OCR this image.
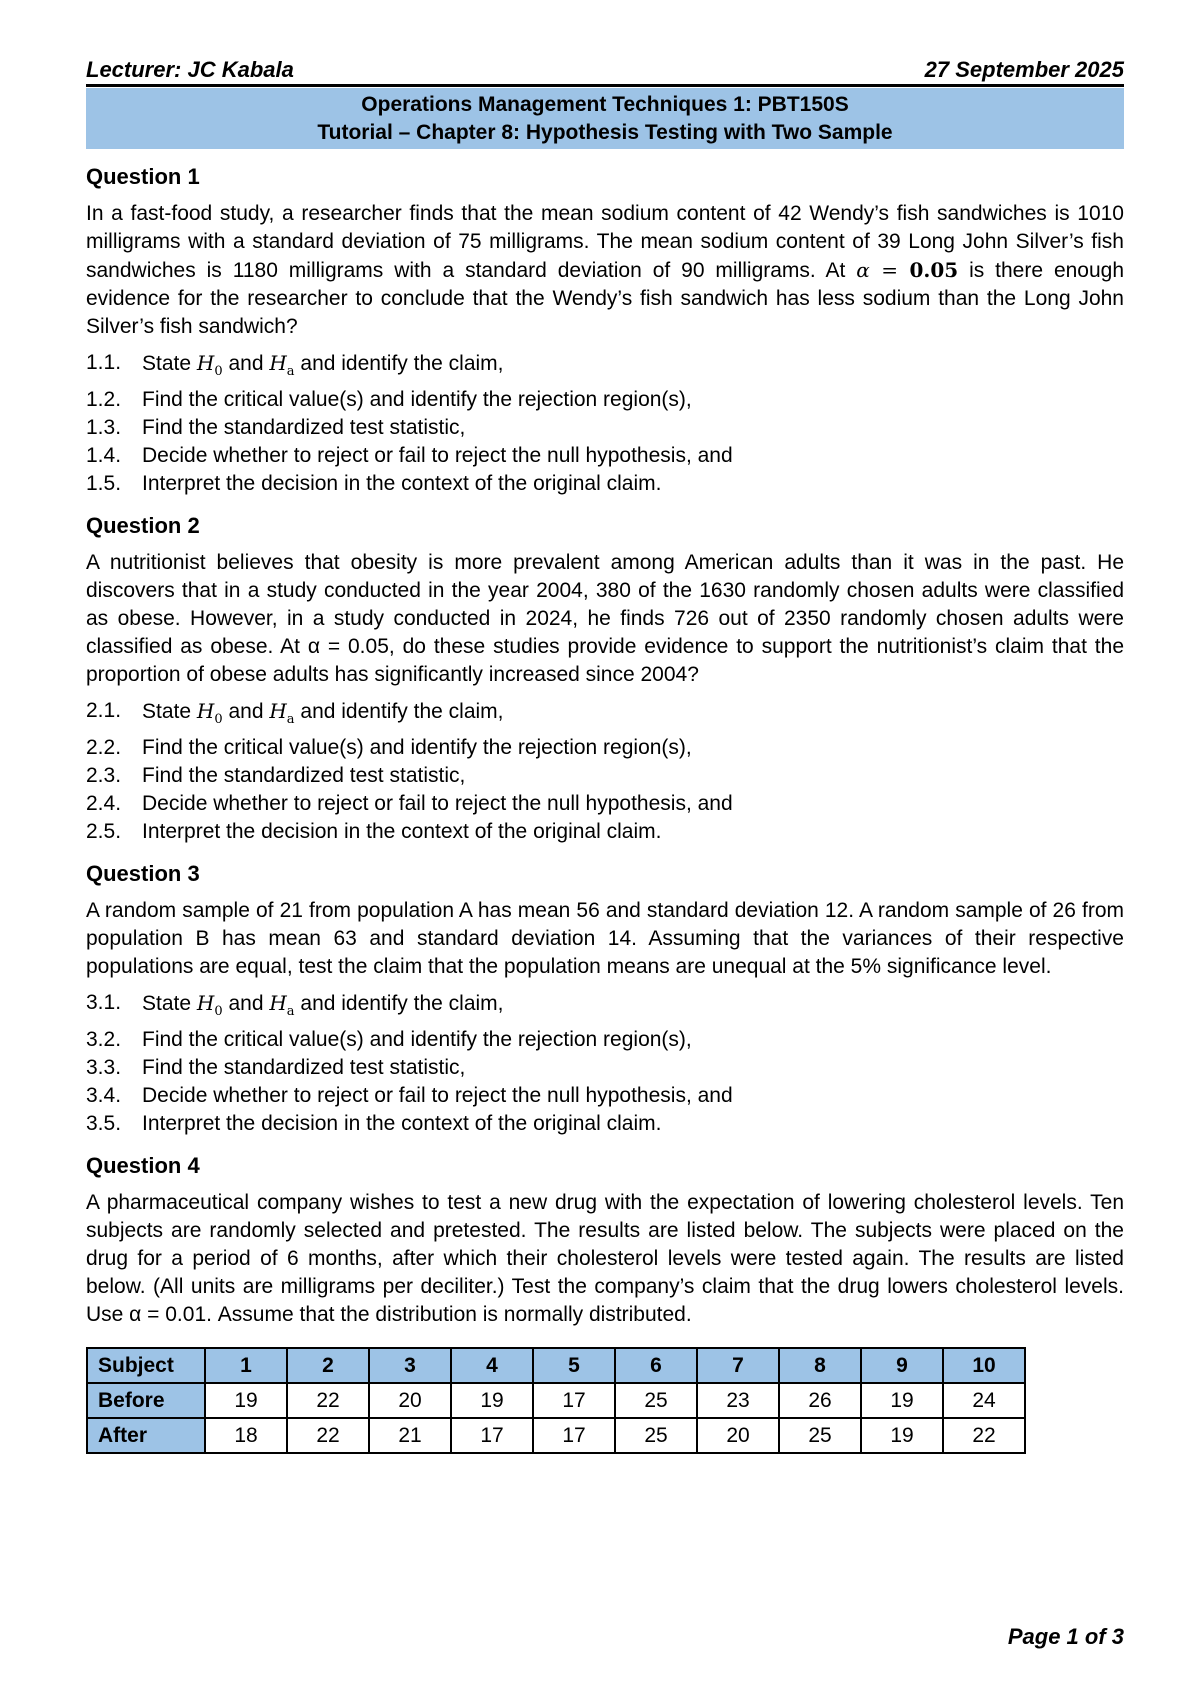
Lecturer: JC Kabala	27 September 2025
Operations Management Techniques 1: PBT150S
Tutorial – Chapter 8: Hypothesis Testing with Two Sample
Question 1
In a fast-food study, a researcher finds that the mean sodium content of 42 Wendy’s fish sandwiches is 1010 milligrams with a standard deviation of 75 milligrams. The mean sodium content of 39 Long John Silver’s fish sandwiches is 1180 milligrams with a standard deviation of 90 milligrams. At α = 0.05 is there enough evidence for the researcher to conclude that the Wendy’s fish sandwich has less sodium than the Long John Silver’s fish sandwich?
1.1. State $H_0$ and $H_a$ and identify the claim,
1.2. Find the critical value(s) and identify the rejection region(s),
1.3. Find the standardized test statistic,
1.4. Decide whether to reject or fail to reject the null hypothesis, and
1.5. Interpret the decision in the context of the original claim.
Question 2
A nutritionist believes that obesity is more prevalent among American adults than it was in the past. He discovers that in a study conducted in the year 2004, 380 of the 1630 randomly chosen adults were classified as obese. However, in a study conducted in 2024, he finds 726 out of 2350 randomly chosen adults were classified as obese. At α = 0.05, do these studies provide evidence to support the nutritionist’s claim that the proportion of obese adults has significantly increased since 2004?
2.1. State $H_0$ and $H_a$ and identify the claim,
2.2. Find the critical value(s) and identify the rejection region(s),
2.3. Find the standardized test statistic,
2.4. Decide whether to reject or fail to reject the null hypothesis, and
2.5. Interpret the decision in the context of the original claim.
Question 3
A random sample of 21 from population A has mean 56 and standard deviation 12. A random sample of 26 from population B has mean 63 and standard deviation 14. Assuming that the variances of their respective populations are equal, test the claim that the population means are unequal at the 5% significance level.
3.1. State $H_0$ and $H_a$ and identify the claim,
3.2. Find the critical value(s) and identify the rejection region(s),
3.3. Find the standardized test statistic,
3.4. Decide whether to reject or fail to reject the null hypothesis, and
3.5. Interpret the decision in the context of the original claim.
Question 4
A pharmaceutical company wishes to test a new drug with the expectation of lowering cholesterol levels. Ten subjects are randomly selected and pretested. The results are listed below. The subjects were placed on the drug for a period of 6 months, after which their cholesterol levels were tested again. The results are listed below. (All units are milligrams per deciliter.) Test the company’s claim that the drug lowers cholesterol levels. Use α = 0.01. Assume that the distribution is normally distributed.
Subject	1	2	3	4	5	6	7	8	9	10
Before	19	22	20	19	17	25	23	26	19	24
After	18	22	21	17	17	25	20	25	19	22
Page 1 of 3
